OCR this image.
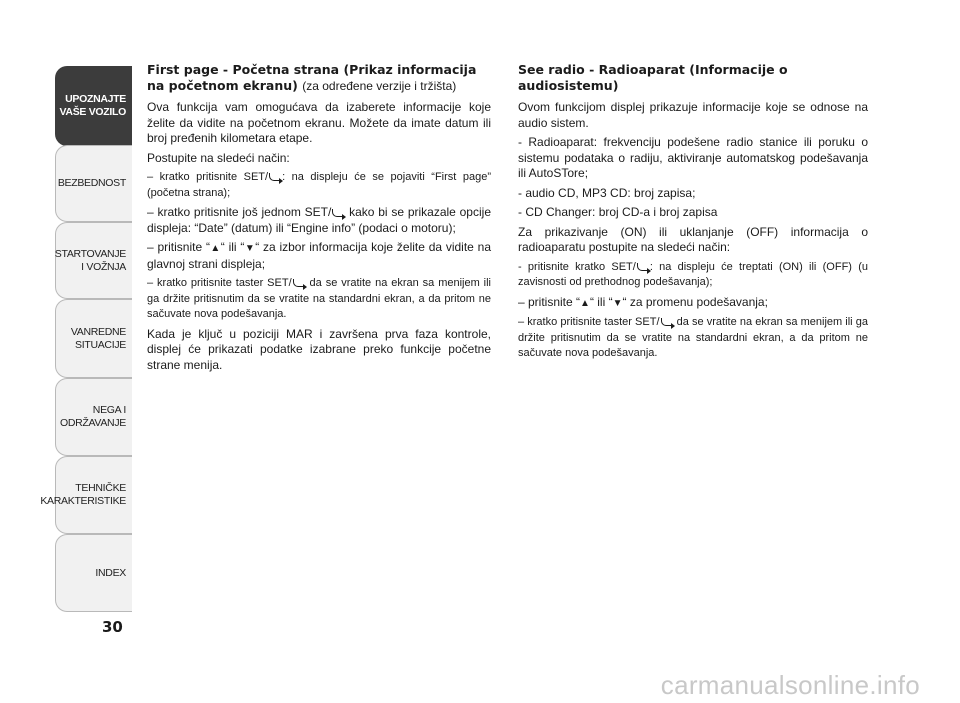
UPOZNAJTE
VAŠE VOZILO
BEZBEDNOST
STARTOVANJE
I VOŽNJA
VANREDNE
SITUACIJE
NEGA I
ODRŽAVANJE
TEHNIČKE
KARAKTERISTIKE
INDEX
30
First page - Početna strana (Prikaz informacija na početnom ekranu) (za određene verzije i tržišta)

Ova funkcija vam omogućava da izaberete informacije koje želite da vidite na početnom ekranu. Možete da imate datum ili broj pređenih kilometara etape.

Postupite na sledeći način:

– kratko pritisnite SET/ : na displeju će se pojaviti “First page” (početna strana);

– kratko pritisnite još jednom SET/ kako bi se prikazale opcije displeja: “Date” (datum) ili “Engine info” (podaci o motoru);

– pritisnite “▲“ ili “▼“ za izbor informacija koje želite da vidite na glavnoj strani displeja;

– kratko pritisnite taster SET/ da se vratite na ekran sa menijem ili ga držite pritisnutim da se vratite na standardni ekran, a da pritom ne sačuvate nova podešavanja.

Kada je ključ u poziciji MAR i završena prva faza kontrole, displej će prikazati podatke izabrane preko funkcije početne strane menija.

See radio - Radioaparat (Informacije o audiosistemu)

Ovom funkcijom displej prikazuje informacije koje se odnose na audio sistem.

- Radioaparat: frekvenciju podešene radio stanice ili poruku o sistemu podataka o radiju, aktiviranje automatskog podešavanja ili AutoSTore;

- audio CD, MP3 CD: broj zapisa;

- CD Changer: broj CD-a i broj zapisa

Za prikazivanje (ON) ili uklanjanje (OFF) informacija o radioaparatu postupite na sledeći način:

- pritisnite kratko SET/ : na displeju će treptati (ON) ili (OFF) (u zavisnosti od prethodnog podešavanja);

– pritisnite “▲“ ili “▼“ za promenu podešavanja;

– kratko pritisnite taster SET/ da se vratite na ekran sa menijem ili ga držite pritisnutim da se vratite na standardni ekran, a da pritom ne sačuvate nova podešavanja.

carmanualsonline.info
